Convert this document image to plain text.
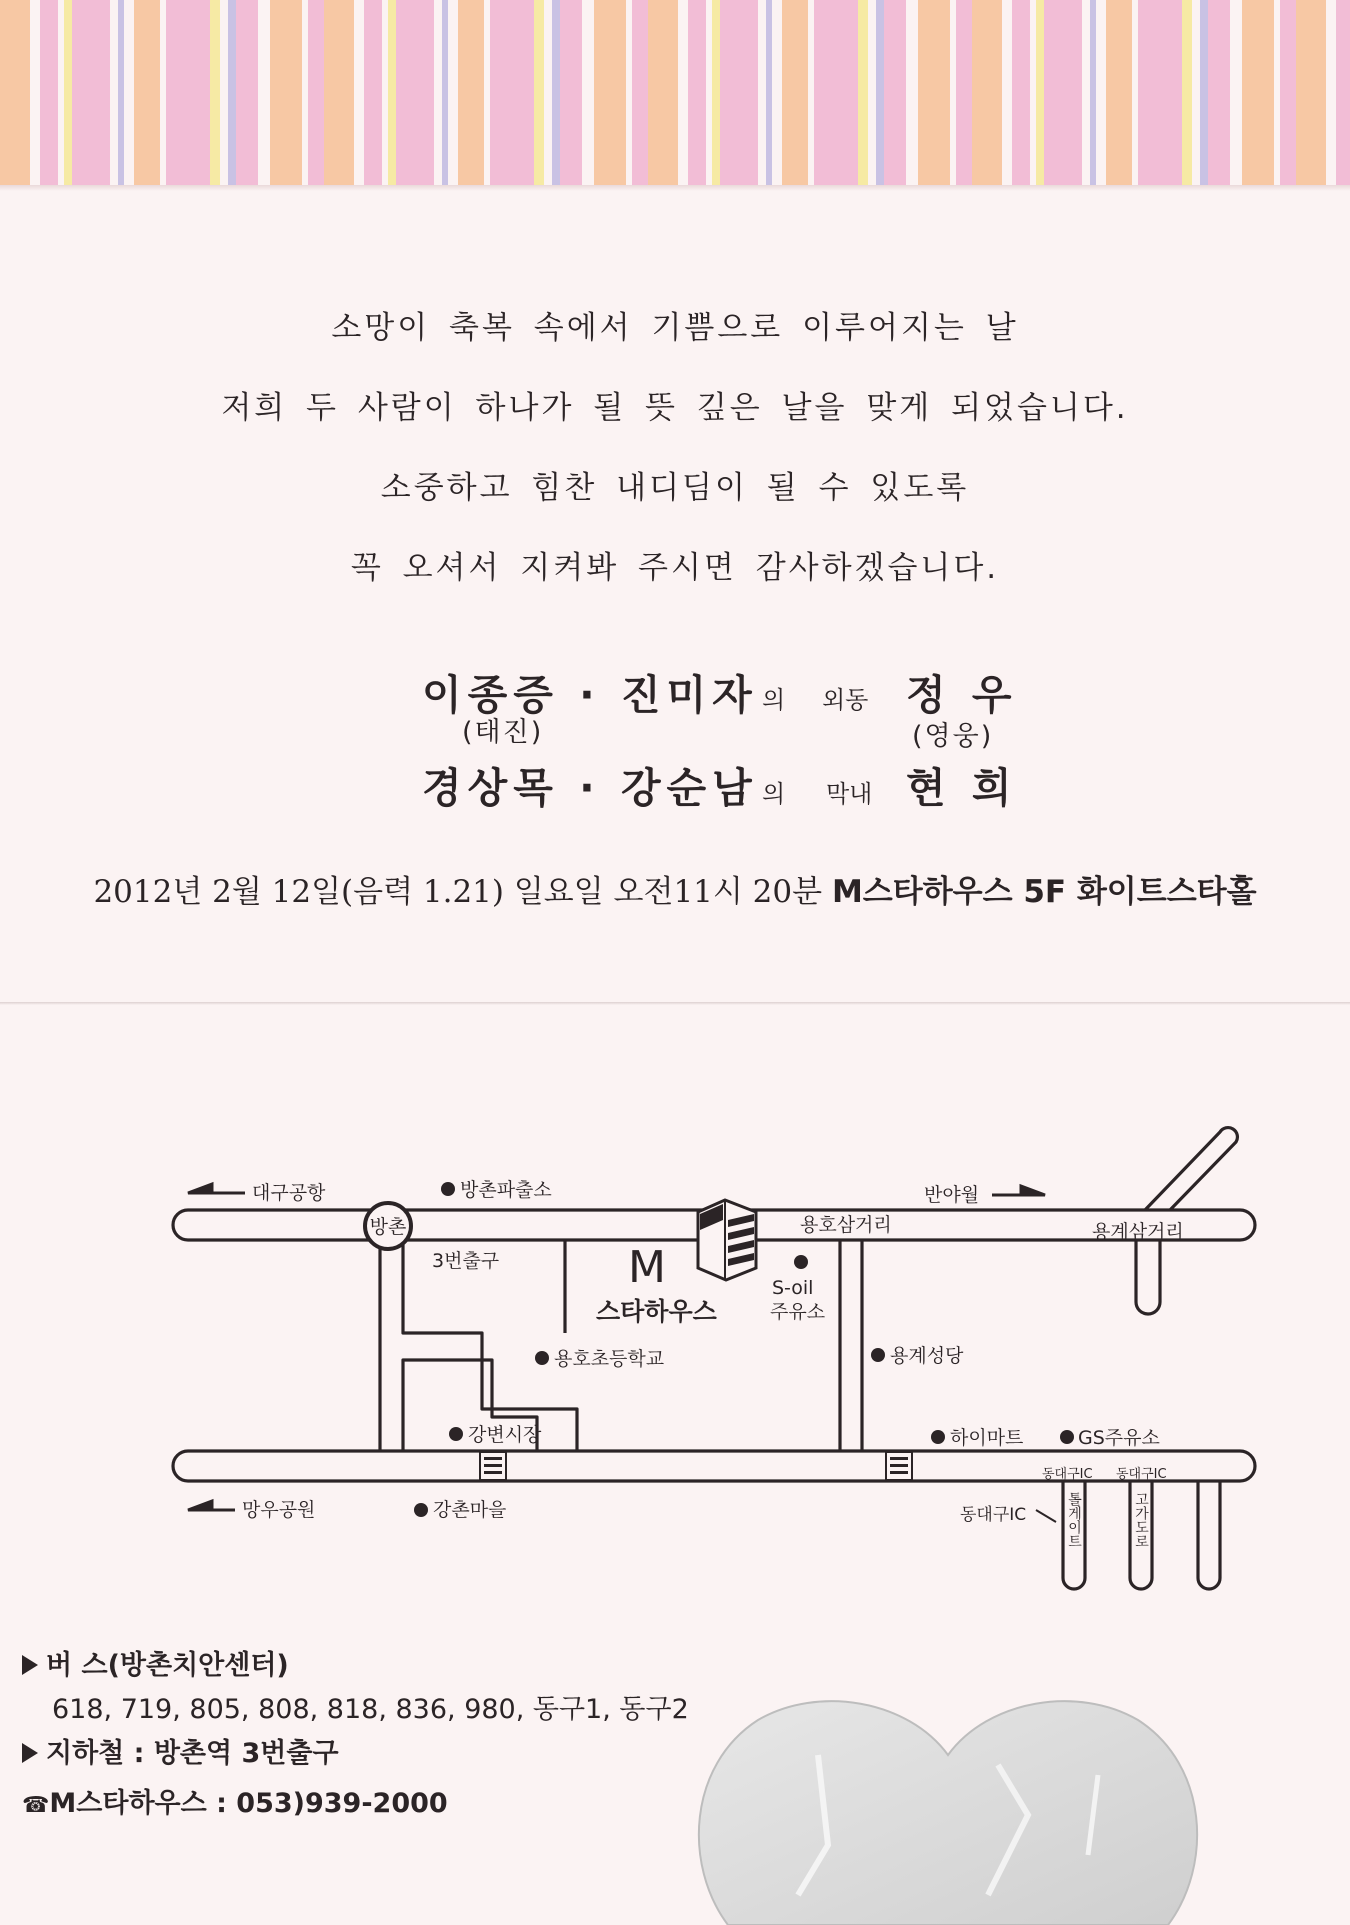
소망이 축복 속에서 기쁨으로 이루어지는 날
저희 두 사람이 하나가 될 뜻 깊은 날을 맞게 되었습니다.
소중하고 힘찬 내디딤이 될 수 있도록
꼭 오셔서 지켜봐 주시면 감사하겠습니다.
이종증 · 진미자 의 외동 정 우
(태진)	(영웅)
경상목 · 강순남 의 막내 현 희
2012년 2월 12일(음력 1.21) 일요일 오전11시 20분 M스타하우스 5F 화이트스타홀
방촌
대구공항
망우공원
반야월
방촌파출소
3번출구
용호삼거리	용계삼거리
S-oil
주유소
용호초등학교	용계성당
강변시장	하이마트	GS주유소
강촌마을
동대구IC 동대구IC
동대구IC	톨게이트	고가도로
M
스타하우스
버 스(방촌치안센터)
618, 719, 805, 808, 818, 836, 980, 동구1, 동구2
지하철 : 방촌역 3번출구
☎M스타하우스 : 053)939-2000
